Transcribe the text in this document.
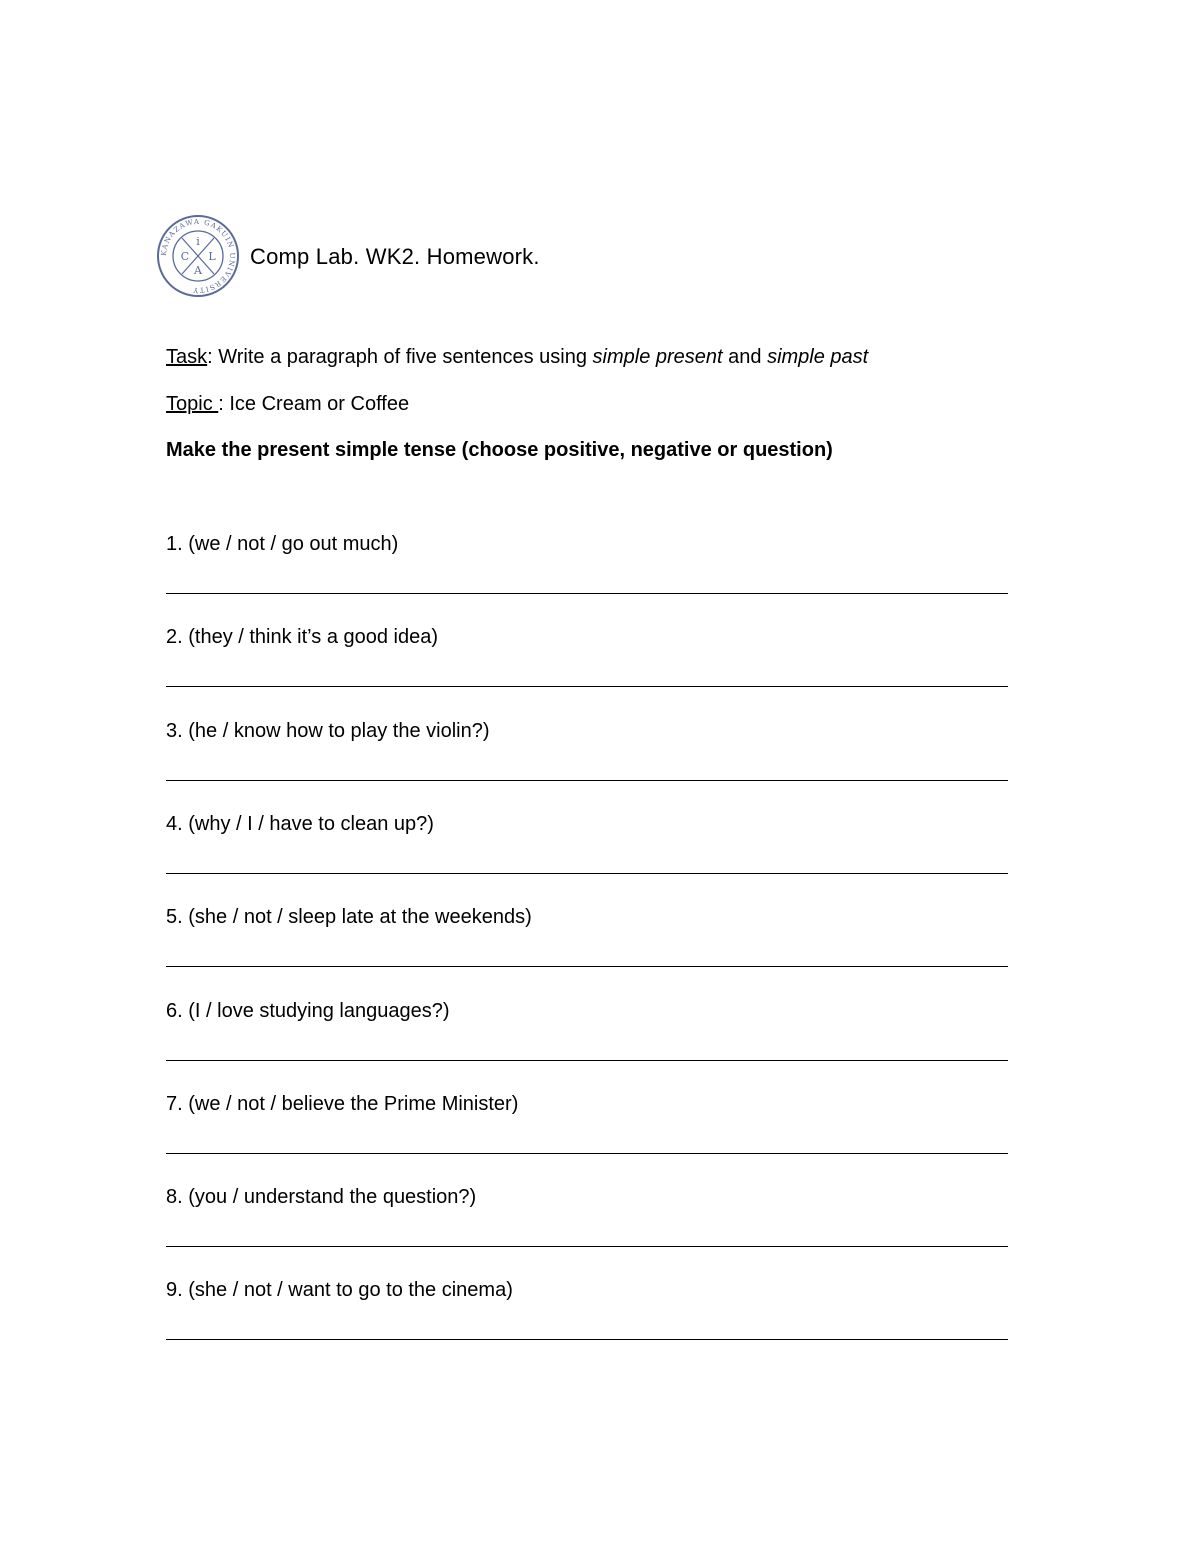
KANAZAWA GAKUIN UNIVERSITY
i
C L
A
Comp Lab. WK2. Homework.
Task: Write a paragraph of five sentences using simple present and simple past
Topic : Ice Cream or Coffee
Make the present simple tense (choose positive, negative or question)
1. (we / not / go out much)
2. (they / think it’s a good idea)
3. (he / know how to play the violin?)
4. (why / I / have to clean up?)
5. (she / not / sleep late at the weekends)
6. (I / love studying languages?)
7. (we / not / believe the Prime Minister)
8. (you / understand the question?)
9. (she / not / want to go to the cinema)
